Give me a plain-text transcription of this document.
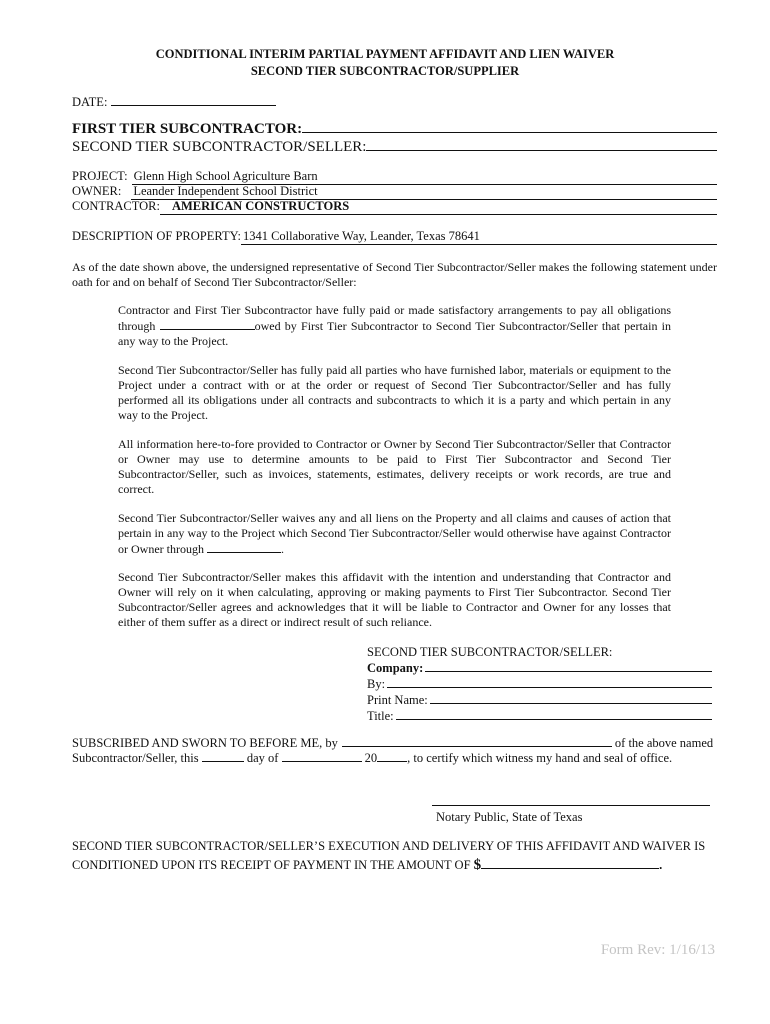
CONDITIONAL INTERIM PARTIAL PAYMENT AFFIDAVIT AND LIEN WAIVER
SECOND TIER SUBCONTRACTOR/SUPPLIER
DATE:
FIRST TIER SUBCONTRACTOR:
SECOND TIER SUBCONTRACTOR/SELLER:
PROJECT: Glenn High School Agriculture Barn
OWNER: Leander Independent School District
CONTRACTOR: AMERICAN CONSTRUCTORS
DESCRIPTION OF PROPERTY: 1341 Collaborative Way, Leander, Texas 78641
As of the date shown above, the undersigned representative of Second Tier Subcontractor/Seller makes the following statement under oath for and on behalf of Second Tier Subcontractor/Seller:
Contractor and First Tier Subcontractor have fully paid or made satisfactory arrangements to pay all obligations through	owed by First Tier Subcontractor to Second Tier Subcontractor/Seller that pertain in any way to the Project.
Second Tier Subcontractor/Seller has fully paid all parties who have furnished labor, materials or equipment to the Project under a contract with or at the order or request of Second Tier Subcontractor/Seller and has fully performed all its obligations under all contracts and subcontracts to which it is a party and which pertain in any way to the Project.
All information here-to-fore provided to Contractor or Owner by Second Tier Subcontractor/Seller that Contractor or Owner may use to determine amounts to be paid to First Tier Subcontractor and Second Tier Subcontractor/Seller, such as invoices, statements, estimates, delivery receipts or work records, are true and correct.
Second Tier Subcontractor/Seller waives any and all liens on the Property and all claims and causes of action that pertain in any way to the Project which Second Tier Subcontractor/Seller would otherwise have against Contractor or Owner through	.
Second Tier Subcontractor/Seller makes this affidavit with the intention and understanding that Contractor and Owner will rely on it when calculating, approving or making payments to First Tier Subcontractor. Second Tier Subcontractor/Seller agrees and acknowledges that it will be liable to Contractor and Owner for any losses that either of them suffer as a direct or indirect result of such reliance.
SECOND TIER SUBCONTRACTOR/SELLER:
Company:
By:
Print Name:
Title:
SUBSCRIBED AND SWORN TO BEFORE ME, by	of the above named
Subcontractor/Seller, this	day of	20 , to certify which witness my hand and seal of office.
Notary Public, State of Texas
SECOND TIER SUBCONTRACTOR/SELLER’S EXECUTION AND DELIVERY OF THIS AFFIDAVIT AND WAIVER IS
CONDITIONED UPON ITS RECEIPT OF PAYMENT IN THE AMOUNT OF $	.
Form Rev: 1/16/13
